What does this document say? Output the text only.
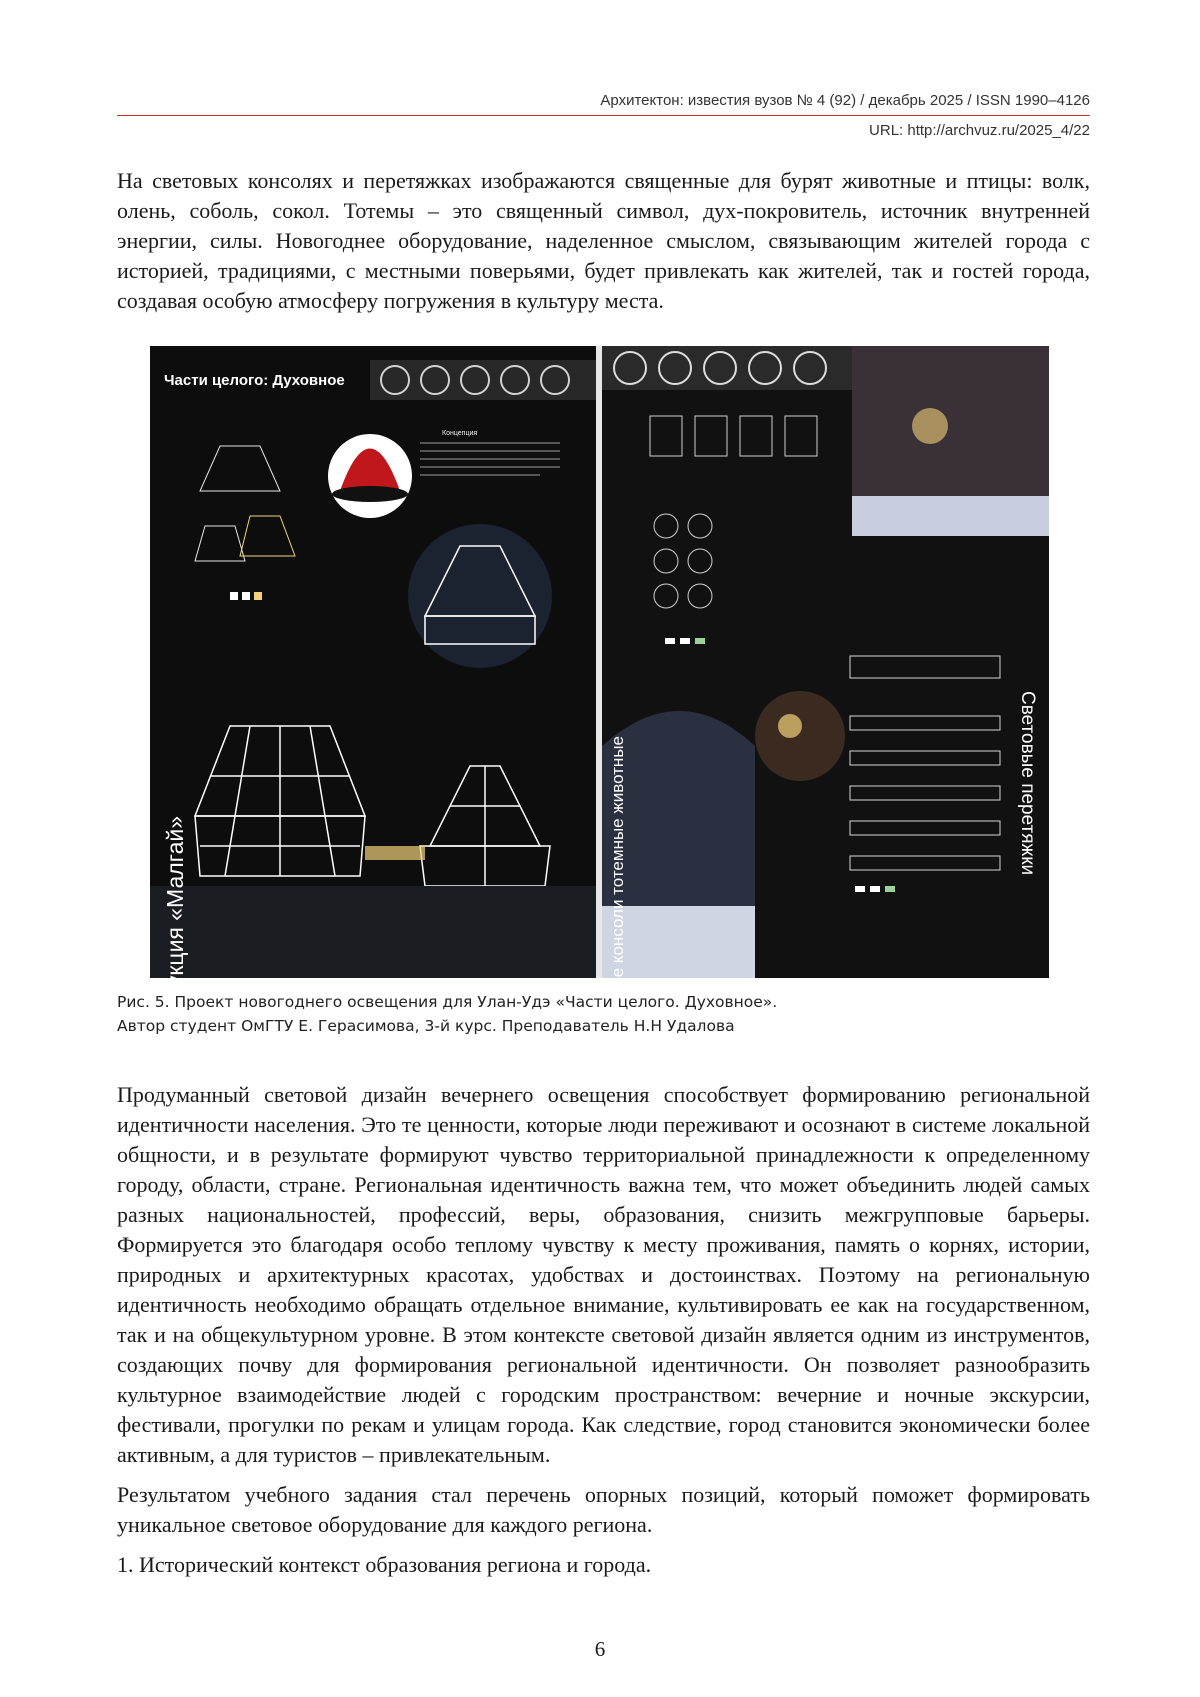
Архитектон: известия вузов № 4 (92) / декабрь 2025 / ISSN 1990–4126
URL: http://archvuz.ru/2025_4/22

На световых консолях и перетяжках изображаются священные для бурят животные и птицы: волк, олень, соболь, сокол. Тотемы – это священный символ, дух-покровитель, источник внутренней энергии, силы. Новогоднее оборудование, наделенное смыслом, связывающим жителей города с историей, традициями, с местными поверьями, будет привлекать как жителей, так и гостей города, создавая особую атмосферу погружения в культуру места.

Части целого: Духовное
Концепция
Световая конструкция «Малгай»	Световые консоли тотемные животные	Световые перетяжки
Рис. 5. Проект новогоднего освещения для Улан-Удэ «Части целого. Духовное».
Автор студент ОмГТУ Е. Герасимова, 3-й курс. Преподаватель Н.Н Удалова

Продуманный световой дизайн вечернего освещения способствует формированию региональной идентичности населения. Это те ценности, которые люди переживают и осознают в системе локальной общности, и в результате формируют чувство территориальной принадлежности к определенному городу, области, стране. Региональная идентичность важна тем, что может объединить людей самых разных национальностей, профессий, веры, образования, снизить межгрупповые барьеры. Формируется это благодаря особо теплому чувству к месту проживания, память о корнях, истории, природных и архитектурных красотах, удобствах и достоинствах. Поэтому на региональную идентичность необходимо обращать отдельное внимание, культивировать ее как на государственном, так и на общекультурном уровне. В этом контексте световой дизайн является одним из инструментов, создающих почву для формирования региональной идентичности. Он позволяет разнообразить культурное взаимодействие людей с городским пространством: вечерние и ночные экскурсии, фестивали, прогулки по рекам и улицам города. Как следствие, город становится экономически более активным, а для туристов – привлекательным.

Результатом учебного задания стал перечень опорных позиций, который поможет формировать уникальное световое оборудование для каждого региона.

1. Исторический контекст образования региона и города.

6
